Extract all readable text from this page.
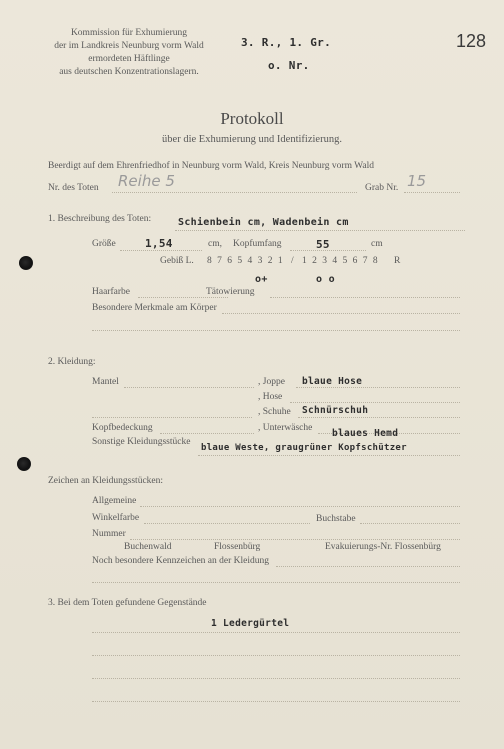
Kommission für Exhumierung
der im Landkreis Neunburg vorm Wald
ermordeten Häftlinge
aus deutschen Konzentrationslagern.
3. R., 1. Gr.
o. Nr.
128
Protokoll
über die Exhumierung und Identifizierung.
Beerdigt auf dem Ehrenfriedhof in Neunburg vorm Wald, Kreis Neunburg vorm Wald
Nr. des Toten Reihe 5	Grab Nr. 15
1. Beschreibung des Toten:	Schienbein cm, Wadenbein cm
Größe	1,54	cm, Kopfumfang	55	cm
Gebiß L. 8 7 6 5 4 3 2 1 / 1 2 3 4 5 6 7 8 R
o+	o o
Haarfarbe	Tätowierung
Besondere Merkmale am Körper
2. Kleidung:
Mantel	, Joppe blaue Hose
, Hose
, Schuhe Schnürschuh
Kopfbedeckung	, Unterwäsche blaues Hemd
Sonstige Kleidungsstücke
blaue Weste, graugrüner Kopfschützer
Zeichen an Kleidungsstücken:
Allgemeine
Winkelfarbe	Buchstabe
Nummer
Buchenwald	Flossenbürg	Evakuierungs-Nr. Flossenbürg
Noch besondere Kennzeichen an der Kleidung
3. Bei dem Toten gefundene Gegenstände
1 Ledergürtel
